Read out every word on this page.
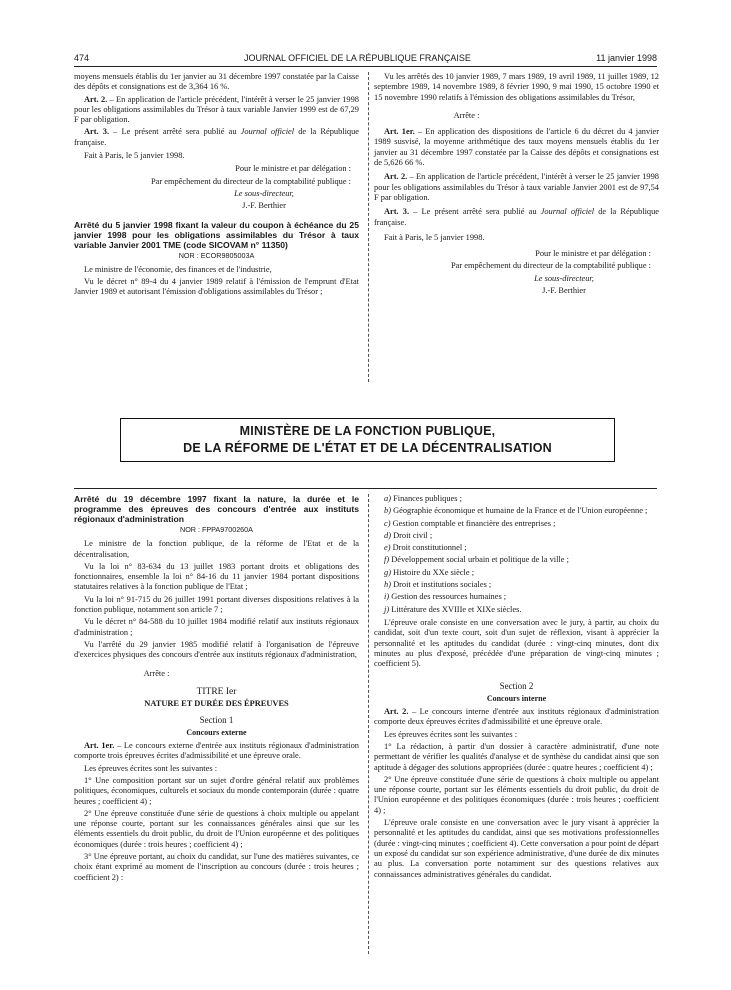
474	JOURNAL OFFICIEL DE LA RÉPUBLIQUE FRANÇAISE	11 janvier 1998

moyens mensuels établis du 1er janvier au 31 décembre 1997 constatée par la Caisse des dépôts et consignations est de 3,364 16 %.

Art. 2. – En application de l'article précédent, l'intérêt à verser le 25 janvier 1998 pour les obligations assimilables du Trésor à taux variable Janvier 1999 est de 67,29 F par obligation.

Art. 3. – Le présent arrêté sera publié au Journal officiel de la République française.

Fait à Paris, le 5 janvier 1998.

Pour le ministre et par délégation :

Par empêchement du directeur de la comptabilité publique :

Le sous-directeur,

J.-F. Berthier

Arrêté du 5 janvier 1998 fixant la valeur du coupon à échéance du 25 janvier 1998 pour les obligations assimilables du Trésor à taux variable Janvier 2001 TME (code SICOVAM n° 11350)

NOR : ECOR9805003A

Le ministre de l'économie, des finances et de l'industrie,

Vu le décret n° 89-4 du 4 janvier 1989 relatif à l'émission de l'emprunt d'Etat Janvier 1989 et autorisant l'émission d'obligations assimilables du Trésor ;

Vu les arrêtés des 10 janvier 1989, 7 mars 1989, 19 avril 1989, 11 juillet 1989, 12 septembre 1989, 14 novembre 1989, 8 février 1990, 9 mai 1990, 15 octobre 1990 et 15 novembre 1990 relatifs à l'émission des obligations assimilables du Trésor,

Arrête :

Art. 1er. – En application des dispositions de l'article 6 du décret du 4 janvier 1989 susvisé, la moyenne arithmétique des taux moyens mensuels établis du 1er janvier au 31 décembre 1997 constatée par la Caisse des dépôts et consignations est de 5,626 66 %.

Art. 2. – En application de l'article précédent, l'intérêt à verser le 25 janvier 1998 pour les obligations assimilables du Trésor à taux variable Janvier 2001 est de 97,54 F par obligation.

Art. 3. – Le présent arrêté sera publié au Journal officiel de la République française.

Fait à Paris, le 5 janvier 1998.

Pour le ministre et par délégation :

Par empêchement du directeur de la comptabilité publique :

Le sous-directeur,

J.-F. Berthier

MINISTÈRE DE LA FONCTION PUBLIQUE,
DE LA RÉFORME DE L'ÉTAT ET DE LA DÉCENTRALISATION

Arrêté du 19 décembre 1997 fixant la nature, la durée et le programme des épreuves des concours d'entrée aux instituts régionaux d'administration

NOR : FPPA9700260A

Le ministre de la fonction publique, de la réforme de l'Etat et de la décentralisation,

Vu la loi n° 83-634 du 13 juillet 1983 portant droits et obligations des fonctionnaires, ensemble la loi n° 84-16 du 11 janvier 1984 portant dispositions statutaires relatives à la fonction publique de l'Etat ;

Vu la loi n° 91-715 du 26 juillet 1991 portant diverses dispositions relatives à la fonction publique, notamment son article 7 ;

Vu le décret n° 84-588 du 10 juillet 1984 modifié relatif aux instituts régionaux d'administration ;

Vu l'arrêté du 29 janvier 1985 modifié relatif à l'organisation de l'épreuve d'exercices physiques des concours d'entrée aux instituts régionaux d'administration,

Arrête :

TITRE Ier

NATURE ET DURÉE DES ÉPREUVES

Section 1

Concours externe

Art. 1er. – Le concours externe d'entrée aux instituts régionaux d'administration comporte trois épreuves écrites d'admissibilité et une épreuve orale.

Les épreuves écrites sont les suivantes :

1° Une composition portant sur un sujet d'ordre général relatif aux problèmes politiques, économiques, culturels et sociaux du monde contemporain (durée : quatre heures ; coefficient 4) ;

2° Une épreuve constituée d'une série de questions à choix multiple ou appelant une réponse courte, portant sur les connaissances générales ainsi que sur les éléments essentiels du droit public, du droit de l'Union européenne et des politiques économiques (durée : trois heures ; coefficient 4) ;

3° Une épreuve portant, au choix du candidat, sur l'une des matières suivantes, ce choix étant exprimé au moment de l'inscription au concours (durée : trois heures ; coefficient 2) :

a) Finances publiques ;

b) Géographie économique et humaine de la France et de l'Union européenne ;

c) Gestion comptable et financière des entreprises ;

d) Droit civil ;

e) Droit constitutionnel ;

f) Développement social urbain et politique de la ville ;

g) Histoire du XXe siècle ;

h) Droit et institutions sociales ;

i) Gestion des ressources humaines ;

j) Littérature des XVIIIe et XIXe siècles.

L'épreuve orale consiste en une conversation avec le jury, à partir, au choix du candidat, soit d'un texte court, soit d'un sujet de réflexion, visant à apprécier la personnalité et les aptitudes du candidat (durée : vingt-cinq minutes, dont dix minutes au plus d'exposé, précédée d'une préparation de vingt-cinq minutes ; coefficient 5).

Section 2

Concours interne

Art. 2. – Le concours interne d'entrée aux instituts régionaux d'administration comporte deux épreuves écrites d'admissibilité et une épreuve orale.

Les épreuves écrites sont les suivantes :

1° La rédaction, à partir d'un dossier à caractère administratif, d'une note permettant de vérifier les qualités d'analyse et de synthèse du candidat ainsi que son aptitude à dégager des solutions appropriées (durée : quatre heures ; coefficient 4) ;

2° Une épreuve constituée d'une série de questions à choix multiple ou appelant une réponse courte, portant sur les éléments essentiels du droit public, du droit de l'Union européenne et des politiques économiques (durée : trois heures ; coefficient 4) ;

L'épreuve orale consiste en une conversation avec le jury visant à apprécier la personnalité et les aptitudes du candidat, ainsi que ses motivations professionnelles (durée : vingt-cinq minutes ; coefficient 4). Cette conversation a pour point de départ un exposé du candidat sur son expérience administrative, d'une durée de dix minutes au plus. La conversation porte notamment sur des questions relatives aux connaissances administratives générales du candidat.
